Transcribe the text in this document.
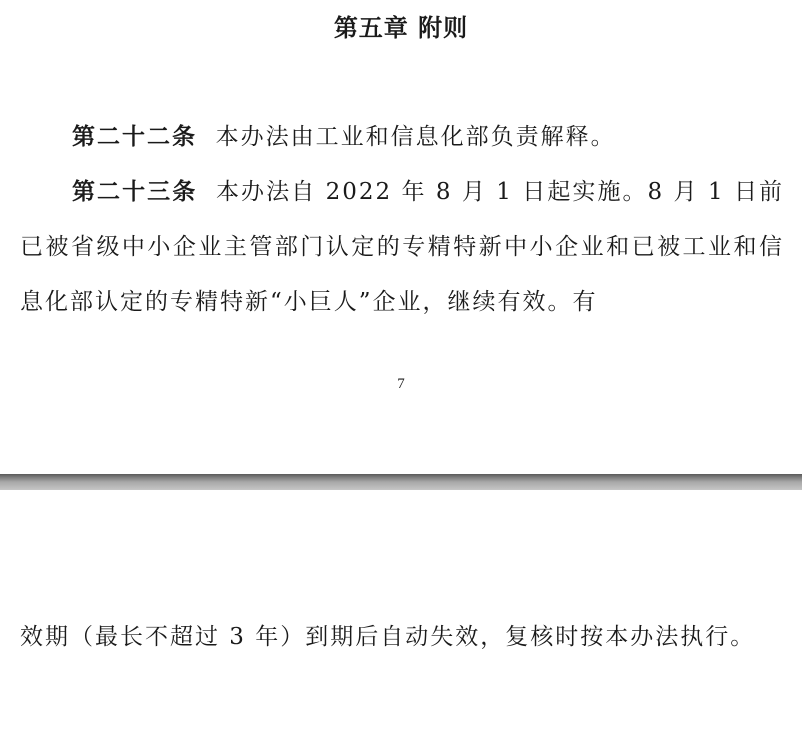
第五章 附则
第二十二条 本办法由工业和信息化部负责解释。
第二十三条 本办法自 2022 年 8 月 1 日起实施。8 月 1 日前已被省级中小企业主管部门认定的专精特新中小企业和已被工业和信息化部认定的专精特新“小巨人”企业，继续有效。有
7
效期（最长不超过 3 年）到期后自动失效，复核时按本办法执行。
